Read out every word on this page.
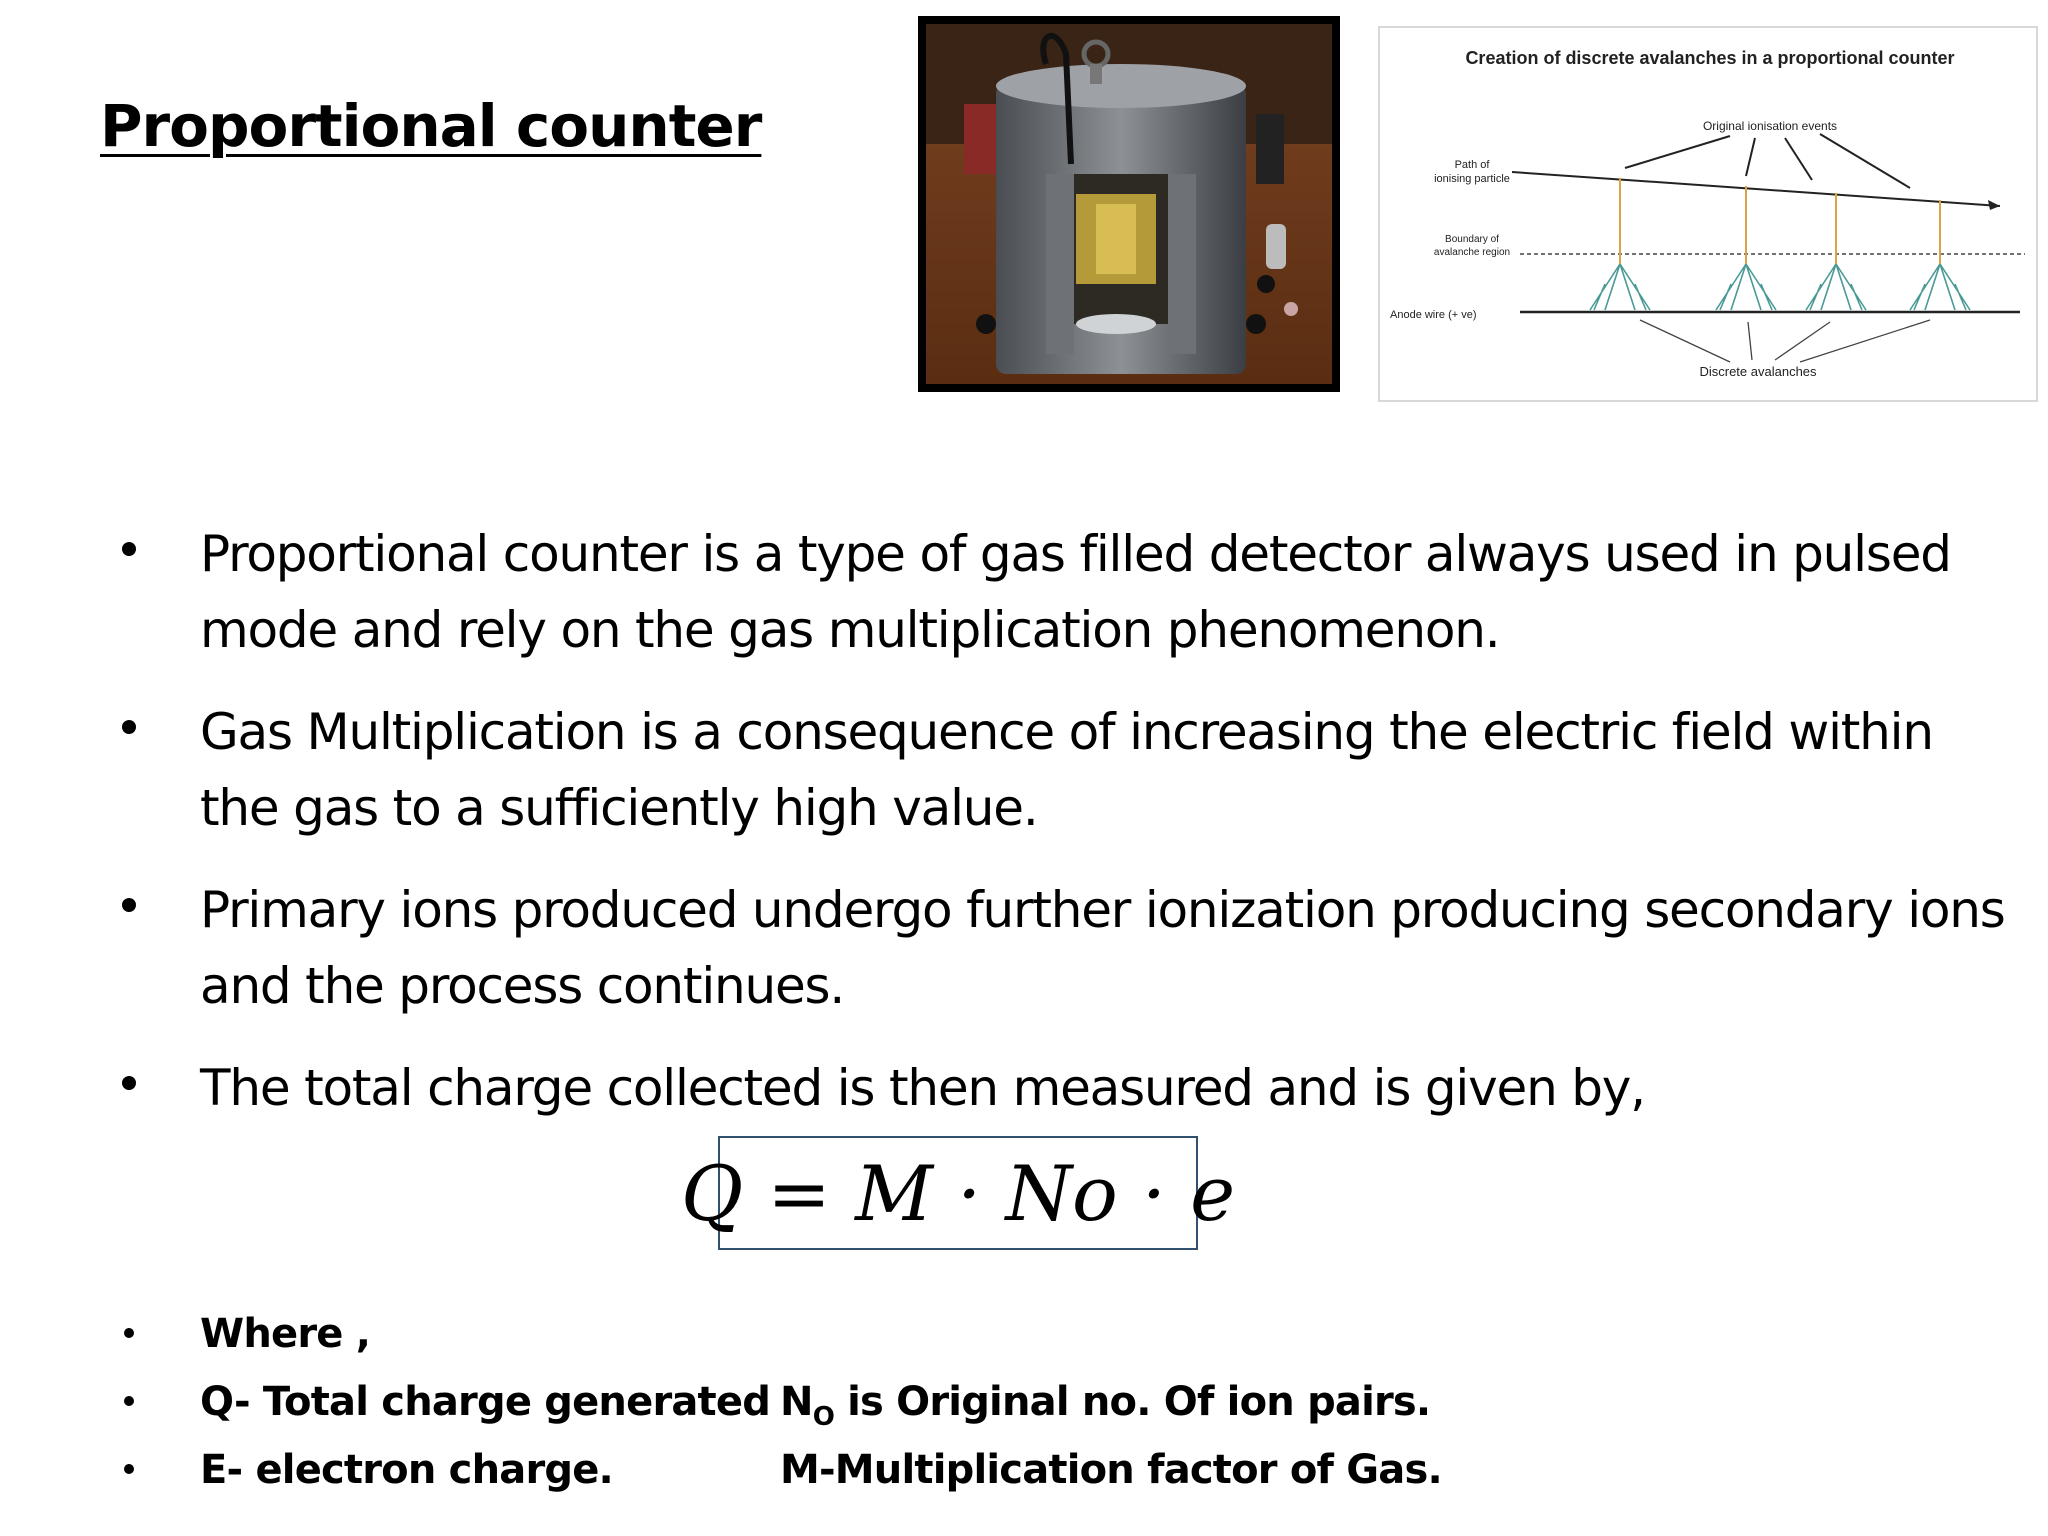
Proportional counter
Creation of discrete avalanches in a proportional counter
Original ionisation events
Path of
ionising particle
Boundary of
avalanche region
Anode wire (+ ve)
Discrete avalanches
Proportional counter is a type of gas filled detector always used in pulsed mode and rely on the gas multiplication phenomenon.
Gas Multiplication is a consequence of increasing the electric field within the gas to a sufficiently high value.
Primary ions produced undergo further ionization producing secondary ions and the process continues.
The total charge collected is then measured and is given by,
Q = M · No · e
Where ,
Q- Total charge generated $N_O$ is Original no. Of ion pairs.
E- electron charge.	M-Multiplication factor of Gas.
